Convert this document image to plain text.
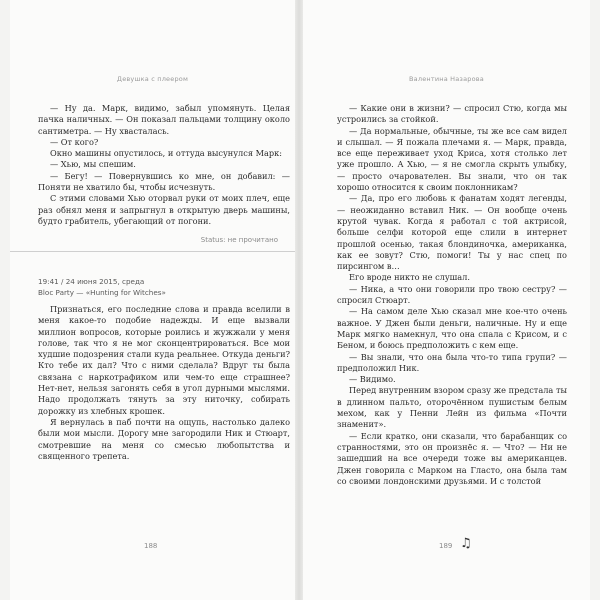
Девушка с плеером

— Ну да. Марк, видимо, забыл упомянуть. Целая пачка наличных. — Он показал пальцами толщину около сантиметра. — Ну хвасталась.

— От кого?

Окно машины опустилось, и оттуда высунулся Марк:

— Хью, мы спешим.

— Бегу! — Повернувшись ко мне, он добавил: — Поняти не хватило бы, чтобы исчезнуть.

С этими словами Хью оторвал руки от моих плеч, еще раз обнял меня и запрыгнул в открытую дверь машины, будто грабитель, убегающий от погони.

Status: не прочитано
19:41 / 24 июня 2015, среда
Bloc Party — «Hunting for Witches»

Признаться, его последние слова и правда вселили в меня какое-то подобие надежды. И еще вызвали миллион вопросов, которые роились и жужжали у меня голове, так что я не мог сконцентрироваться. Все мои худшие подозрения стали куда реальнее. Откуда деньги? Кто тебе их дал? Что с ними сделала? Вдруг ты была связана с наркотрафиком или чем-то еще страшнее? Нет-нет, нельзя загонять себя в угол дурными мыслями. Надо продолжать тянуть за эту ниточку, собирать дорожку из хлебных крошек.

Я вернулась в паб почти на ощупь, настолько далеко были мои мысли. Дорогу мне загородили Ник и Стюарт, смотревшие на меня со смесью любопытства и священного трепета.

188
Валентина Назарова

— Какие они в жизни? — спросил Стю, когда мы устроились за стойкой.

— Да нормальные, обычные, ты же все сам видел и слышал. — Я пожала плечами я. — Марк, правда, все еще переживает уход Криса, хотя столько лет уже прошло. А Хью, — я не смогла скрыть улыбку, — просто очарователен. Вы знали, что он так хорошо относится к своим поклонникам?

— Да, про его любовь к фанатам ходят легенды, — неожиданно вставил Ник. — Он вообще очень крутой чувак. Когда я работал с той актрисой, больше селфи которой еще слили в интернет прошлой осенью, такая блондиночка, американка, как ее зовут? Стю, помоги! Ты у нас спец по пирсингом в…

Его вроде никто не слушал.

— Ника, а что они говорили про твою сестру? — спросил Стюарт.

— На самом деле Хью сказал мне кое-что очень важное. У Джен были деньги, наличные. Ну и еще Марк мягко намекнул, что она спала с Крисом, и с Беном, и боюсь предположить с кем еще.

— Вы знали, что она была что-то типа групи? — предположил Ник.

— Видимо.

Перед внутренним взором сразу же предстала ты в длинном пальто, оторочённом пушистым белым мехом, как у Пенни Лейн из фильма «Почти знаменит».

— Если кратко, они сказали, что барабанщик со странностями, это он произнёс я. — Что? — Ни не зашедший на все очереди тоже вы американцев. Джен говорила с Марком на Гласто, она была там со своими лондонскими друзьями. И с толстой

189 ♫
